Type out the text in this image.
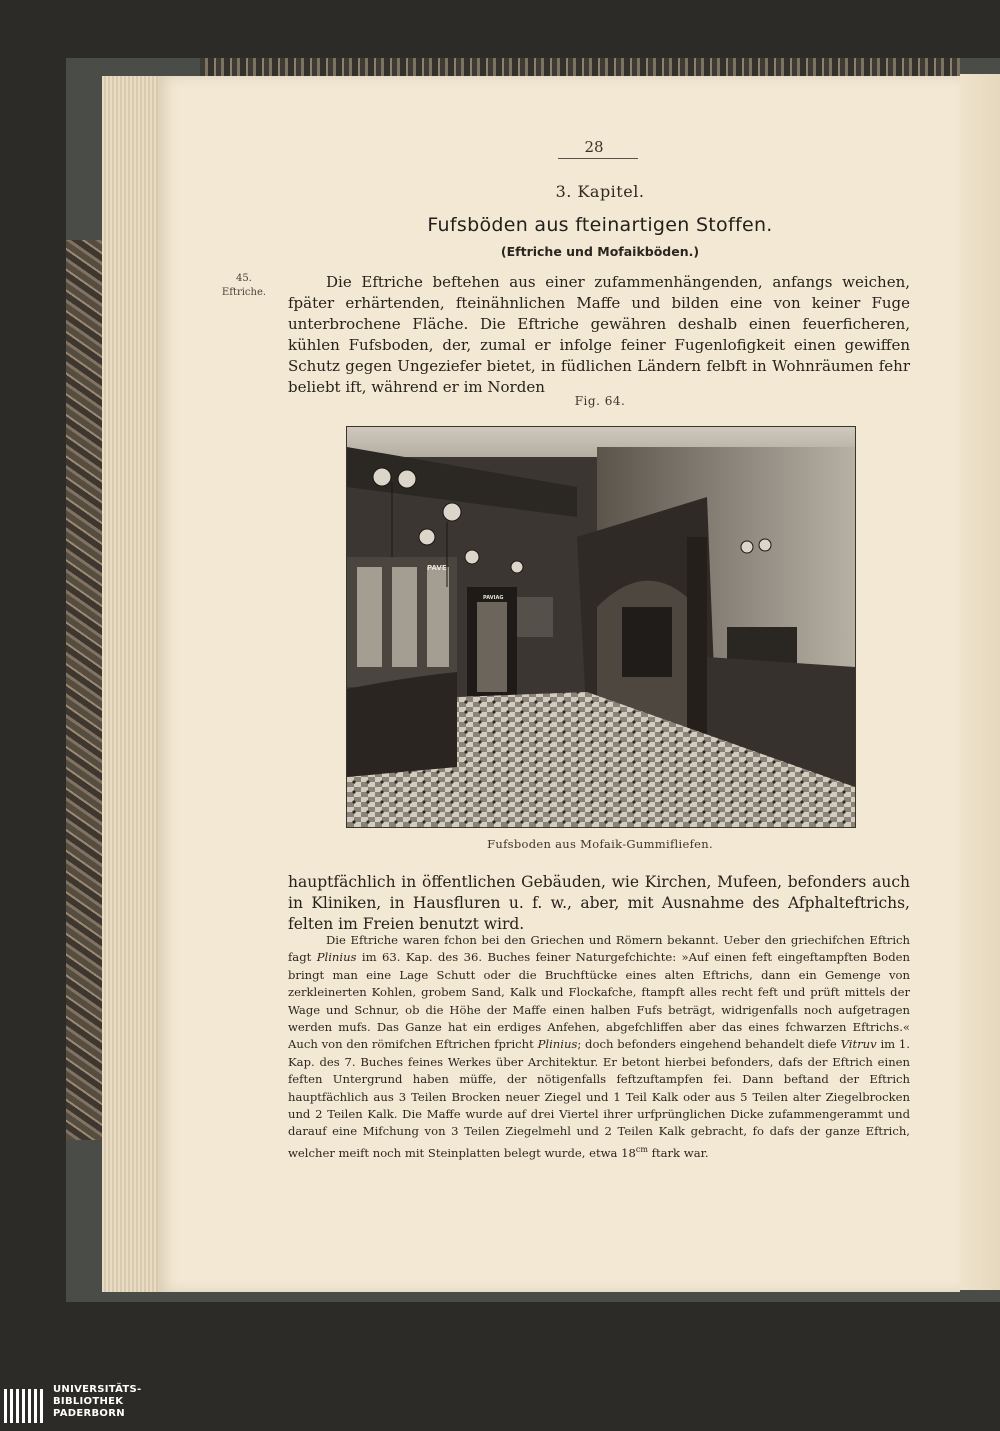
28
3. Kapitel.
Fufsböden aus fteinartigen Stoffen.
(Eftriche und Mofaikböden.)
45.
Eftriche.

Die Eftriche beftehen aus einer zufammenhängenden, anfangs weichen, fpäter erhärtenden, fteinähnlichen Maffe und bilden eine von keiner Fuge unterbrochene Fläche. Die Eftriche gewähren deshalb einen feuerficheren, kühlen Fufsboden, der, zumal er infolge feiner Fugenlofigkeit einen gewiffen Schutz gegen Ungeziefer bietet, in füdlichen Ländern felbft in Wohnräumen fehr beliebt ift, während er im Norden

Fig. 64.
PAVE
PAVIAG
Fufsboden aus Mofaik-Gummifliefen.

hauptfächlich in öffentlichen Gebäuden, wie Kirchen, Mufeen, befonders auch in Kliniken, in Hausfluren u. f. w., aber, mit Ausnahme des Afphalteftrichs, felten im Freien benutzt wird.

Die Eftriche waren fchon bei den Griechen und Römern bekannt. Ueber den griechifchen Eftrich fagt Plinius im 63. Kap. des 36. Buches feiner Naturgefchichte: »Auf einen feft eingeftampften Boden bringt man eine Lage Schutt oder die Bruchftücke eines alten Eftrichs, dann ein Gemenge von zerkleinerten Kohlen, grobem Sand, Kalk und Flockafche, ftampft alles recht feft und prüft mittels der Wage und Schnur, ob die Höhe der Maffe einen halben Fufs beträgt, widrigenfalls noch aufgetragen werden mufs. Das Ganze hat ein erdiges Anfehen, abgefchliffen aber das eines fchwarzen Eftrichs.« Auch von den römifchen Eftrichen fpricht Plinius; doch befonders eingehend behandelt diefe Vitruv im 1. Kap. des 7. Buches feines Werkes über Architektur. Er betont hierbei befonders, dafs der Eftrich einen feften Untergrund haben müffe, der nötigenfalls feftzuftampfen fei. Dann beftand der Eftrich hauptfächlich aus 3 Teilen Brocken neuer Ziegel und 1 Teil Kalk oder aus 5 Teilen alter Ziegelbrocken und 2 Teilen Kalk. Die Maffe wurde auf drei Viertel ihrer urfprünglichen Dicke zufammengerammt und darauf eine Mifchung von 3 Teilen Ziegelmehl und 2 Teilen Kalk gebracht, fo dafs der ganze Eftrich, welcher meift noch mit Steinplatten belegt wurde, etwa $18^{cm}$ ftark war.

UNIVERSITÄTS-
BIBLIOTHEK
PADERBORN
